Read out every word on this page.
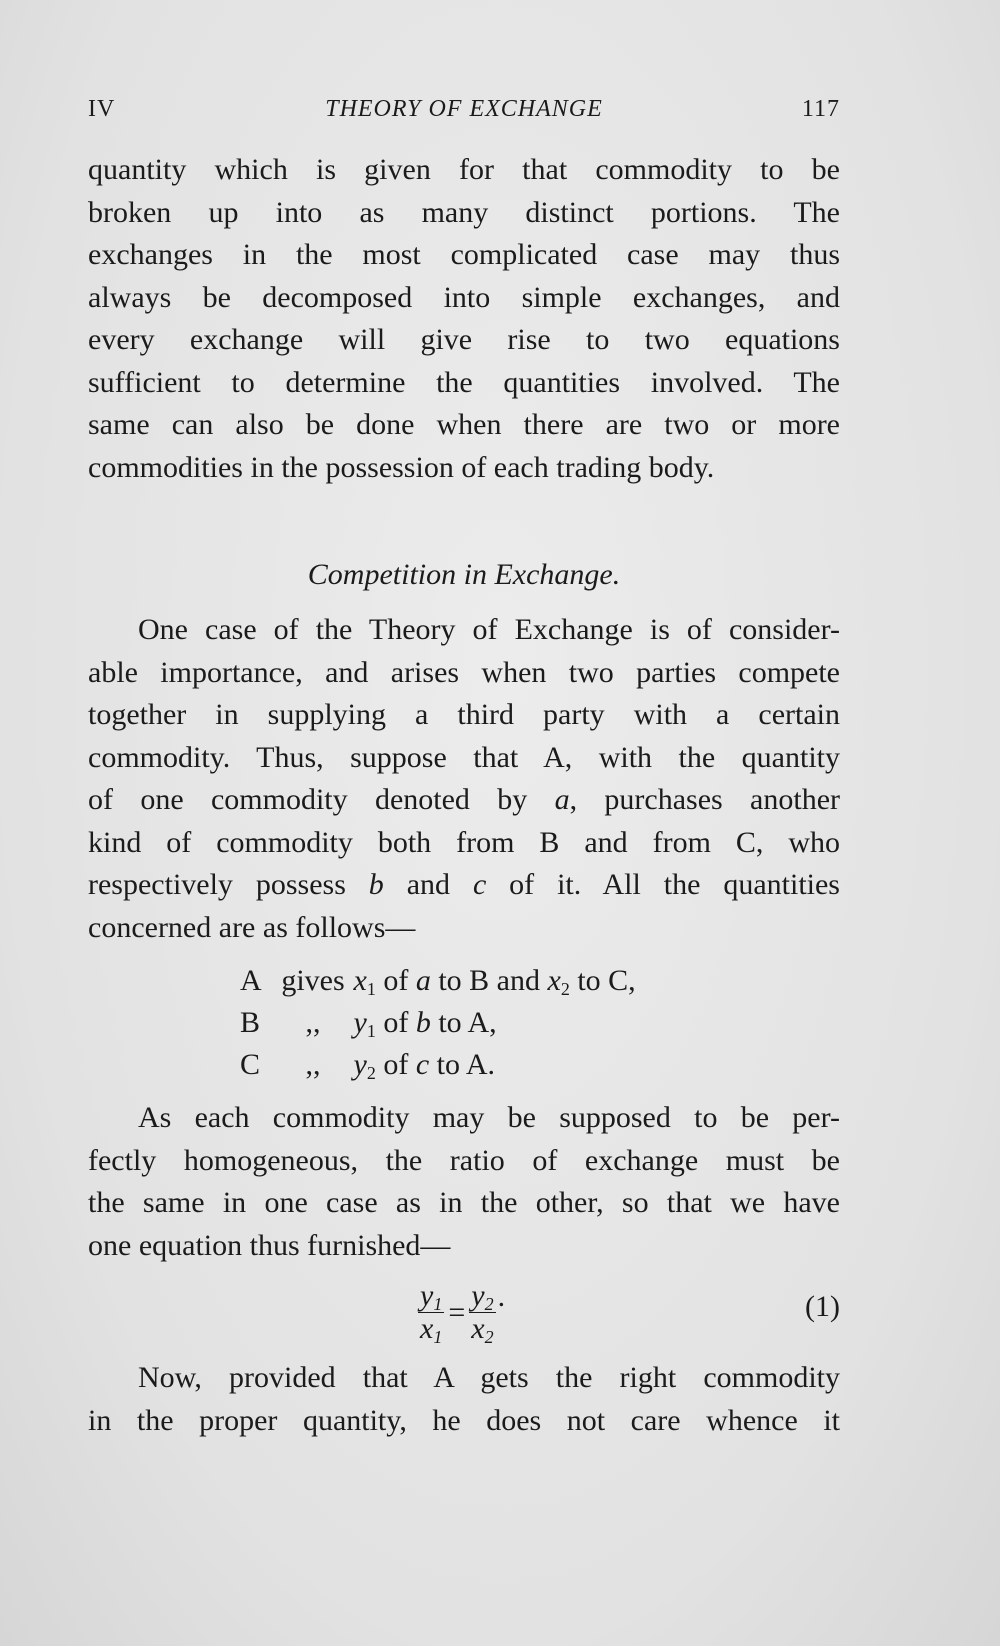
IV	THEORY OF EXCHANGE	117
quantity which is given for that commodity to be
broken up into as many distinct portions. The
exchanges in the most complicated case may thus
always be decomposed into simple exchanges, and
every exchange will give rise to two equations
sufficient to determine the quantities involved. The
same can also be done when there are two or more
commodities in the possession of each trading body.
Competition in Exchange.
One case of the Theory of Exchange is of consider-
able importance, and arises when two parties compete
together in supplying a third party with a certain
commodity. Thus, suppose that A, with the quantity
of one commodity denoted by a, purchases another
kind of commodity both from B and from C, who
respectively possess b and c of it. All the quantities
concerned are as follows—
A gives $x_1$ of a to B and $x_2$ to C,
B	,,	$y_1$ of b to A,
C	,,	$y_2$ of c to A.
As each commodity may be supposed to be per-
fectly homogeneous, the ratio of exchange must be
the same in one case as in the other, so that we have
one equation thus furnished—
$\frac{y_1}{x_1} = \frac{y_2}{x_2}$ .	(1)
Now, provided that A gets the right commodity
in the proper quantity, he does not care whence it
